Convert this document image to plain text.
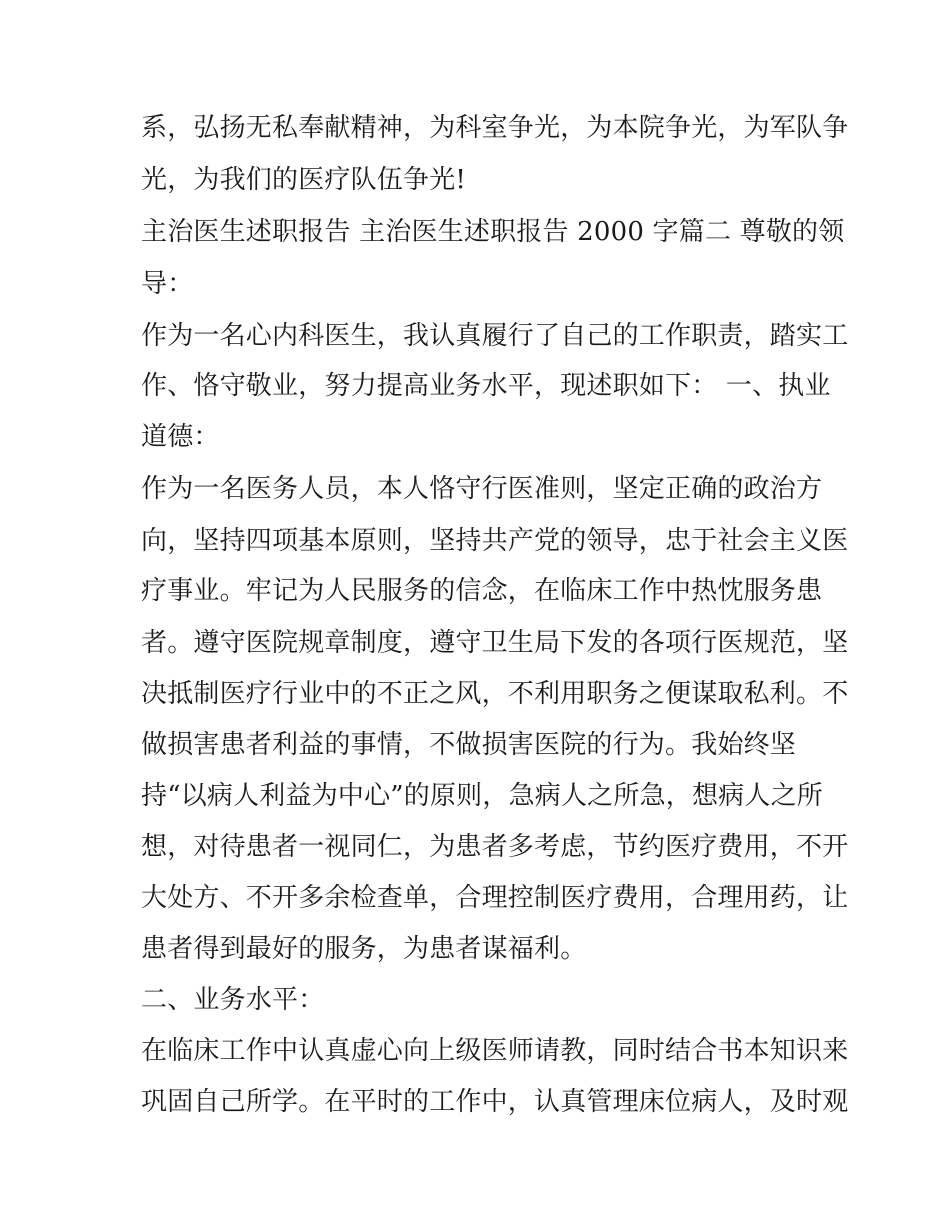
系，弘扬无私奉献精神，为科室争光，为本院争光，为军队争

光，为我们的医疗队伍争光!

主治医生述职报告 主治医生述职报告 2000 字篇二 尊敬的领

导：

作为一名心内科医生，我认真履行了自己的工作职责，踏实工

作、恪守敬业，努力提高业务水平，现述职如下： 一、执业

道德：

作为一名医务人员，本人恪守行医准则，坚定正确的政治方

向，坚持四项基本原则，坚持共产党的领导，忠于社会主义医

疗事业。牢记为人民服务的信念，在临床工作中热忱服务患

者。遵守医院规章制度，遵守卫生局下发的各项行医规范，坚

决抵制医疗行业中的不正之风，不利用职务之便谋取私利。不

做损害患者利益的事情，不做损害医院的行为。我始终坚

持“以病人利益为中心”的原则，急病人之所急，想病人之所

想，对待患者一视同仁，为患者多考虑，节约医疗费用，不开

大处方、不开多余检查单，合理控制医疗费用，合理用药，让

患者得到最好的服务，为患者谋福利。

二、业务水平：

在临床工作中认真虚心向上级医师请教，同时结合书本知识来

巩固自己所学。在平时的工作中，认真管理床位病人，及时观
